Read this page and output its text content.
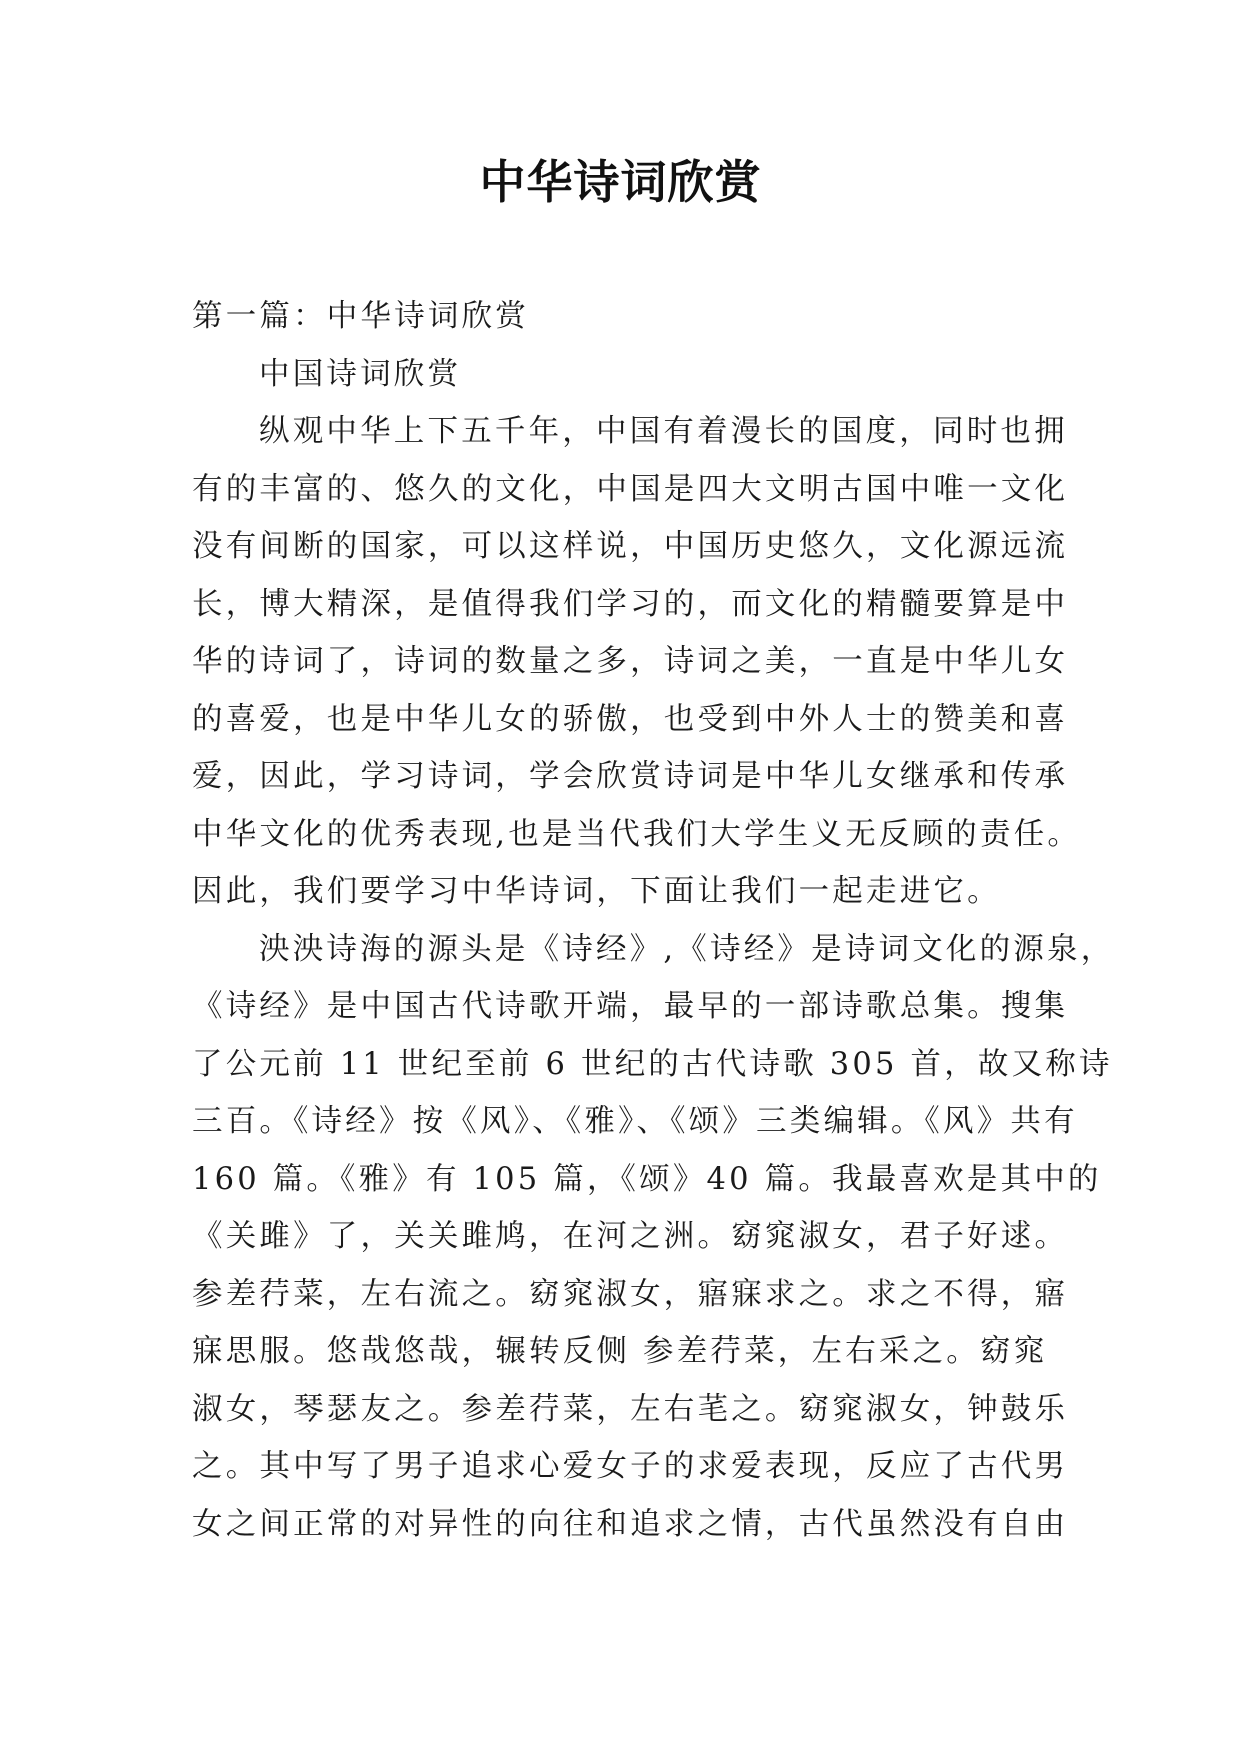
中华诗词欣赏
第一篇：中华诗词欣赏
中国诗词欣赏
纵观中华上下五千年，中国有着漫长的国度，同时也拥
有的丰富的、悠久的文化，中国是四大文明古国中唯一文化
没有间断的国家，可以这样说，中国历史悠久，文化源远流
长，博大精深，是值得我们学习的，而文化的精髓要算是中
华的诗词了，诗词的数量之多，诗词之美，一直是中华儿女
的喜爱，也是中华儿女的骄傲，也受到中外人士的赞美和喜
爱，因此，学习诗词，学会欣赏诗词是中华儿女继承和传承
中华文化的优秀表现,也是当代我们大学生义无反顾的责任。
因此，我们要学习中华诗词，下面让我们一起走进它。
泱泱诗海的源头是《诗经》,《诗经》是诗词文化的源泉，
《诗经》是中国古代诗歌开端，最早的一部诗歌总集。搜集
了公元前 11 世纪至前 6 世纪的古代诗歌 305 首，故又称诗
三百。《诗经》按《风》、《雅》、《颂》三类编辑。《风》共有
160 篇。《雅》有 105 篇，《颂》40 篇。我最喜欢是其中的
《关雎》了，关关雎鸠，在河之洲。窈窕淑女，君子好逑。
参差荇菜，左右流之。窈窕淑女，寤寐求之。求之不得，寤
寐思服。悠哉悠哉，辗转反侧 参差荇菜，左右采之。窈窕
淑女，琴瑟友之。参差荇菜，左右芼之。窈窕淑女，钟鼓乐
之。其中写了男子追求心爱女子的求爱表现，反应了古代男
女之间正常的对异性的向往和追求之情，古代虽然没有自由
